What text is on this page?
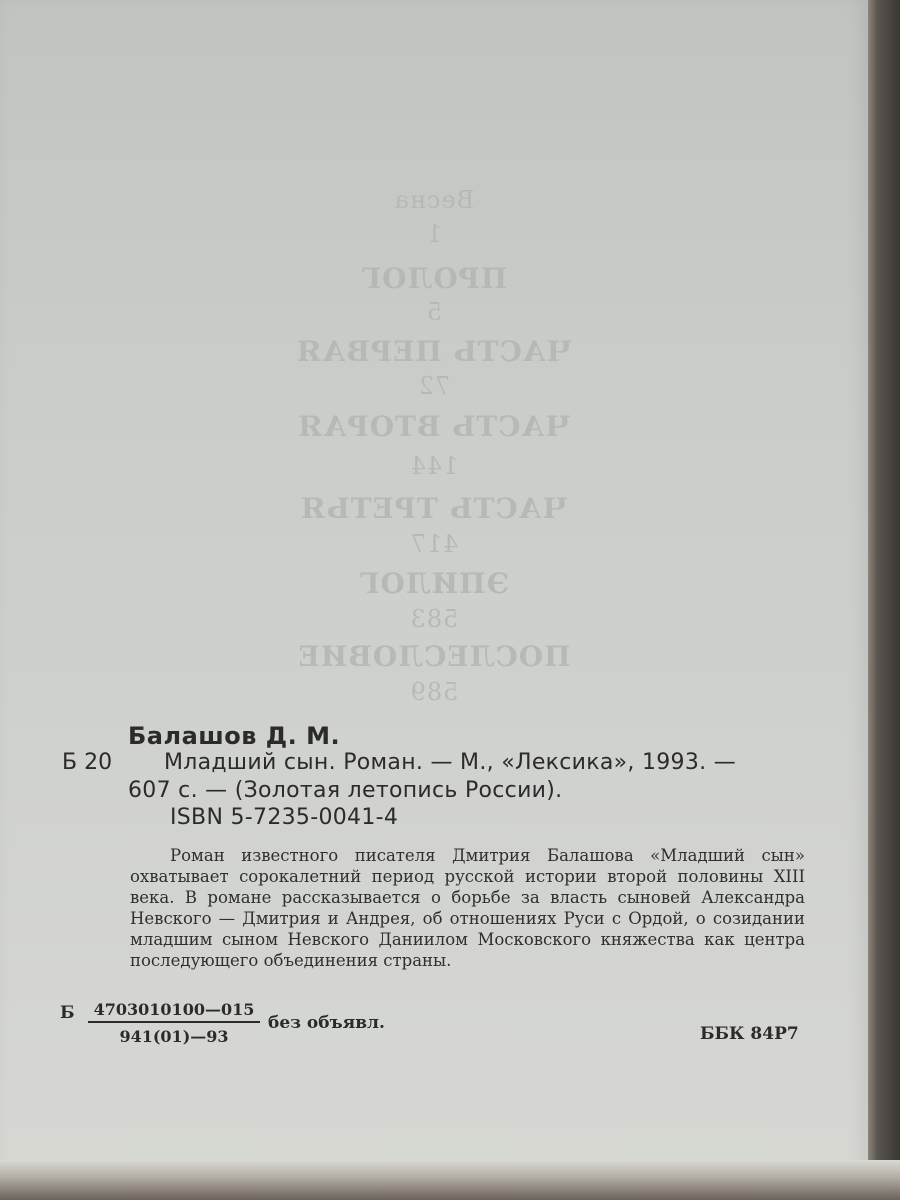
Весна
1
ПРОЛОГ
5
ЧАСТЬ ПЕРВАЯ
72
ЧАСТЬ ВТОРАЯ
144
ЧАСТЬ ТРЕТЬЯ
417
ЭПИЛОГ
583
ПОСЛЕСЛОВИЕ
589
Балашов Д. М.
Б 20 Младший сын. Роман. — М., «Лексика», 1993. —
607 с. — (Золотая летопись России).
ISBN 5-7235-0041-4

Роман известного писателя Дмитрия Балашова «Младший сын» охватывает сорокалетний период русской истории второй половины XIII века. В романе рассказывается о борьбе за власть сыновей Александра Невского — Дмитрия и Андрея, об отношениях Руси с Ордой, о созидании младшим сыном Невского Даниилом Московского княжества как центра последующего объединения страны.

Б $\frac{4703010100—015}{941(01)—93}$ без объявл.
ББК 84Р7
